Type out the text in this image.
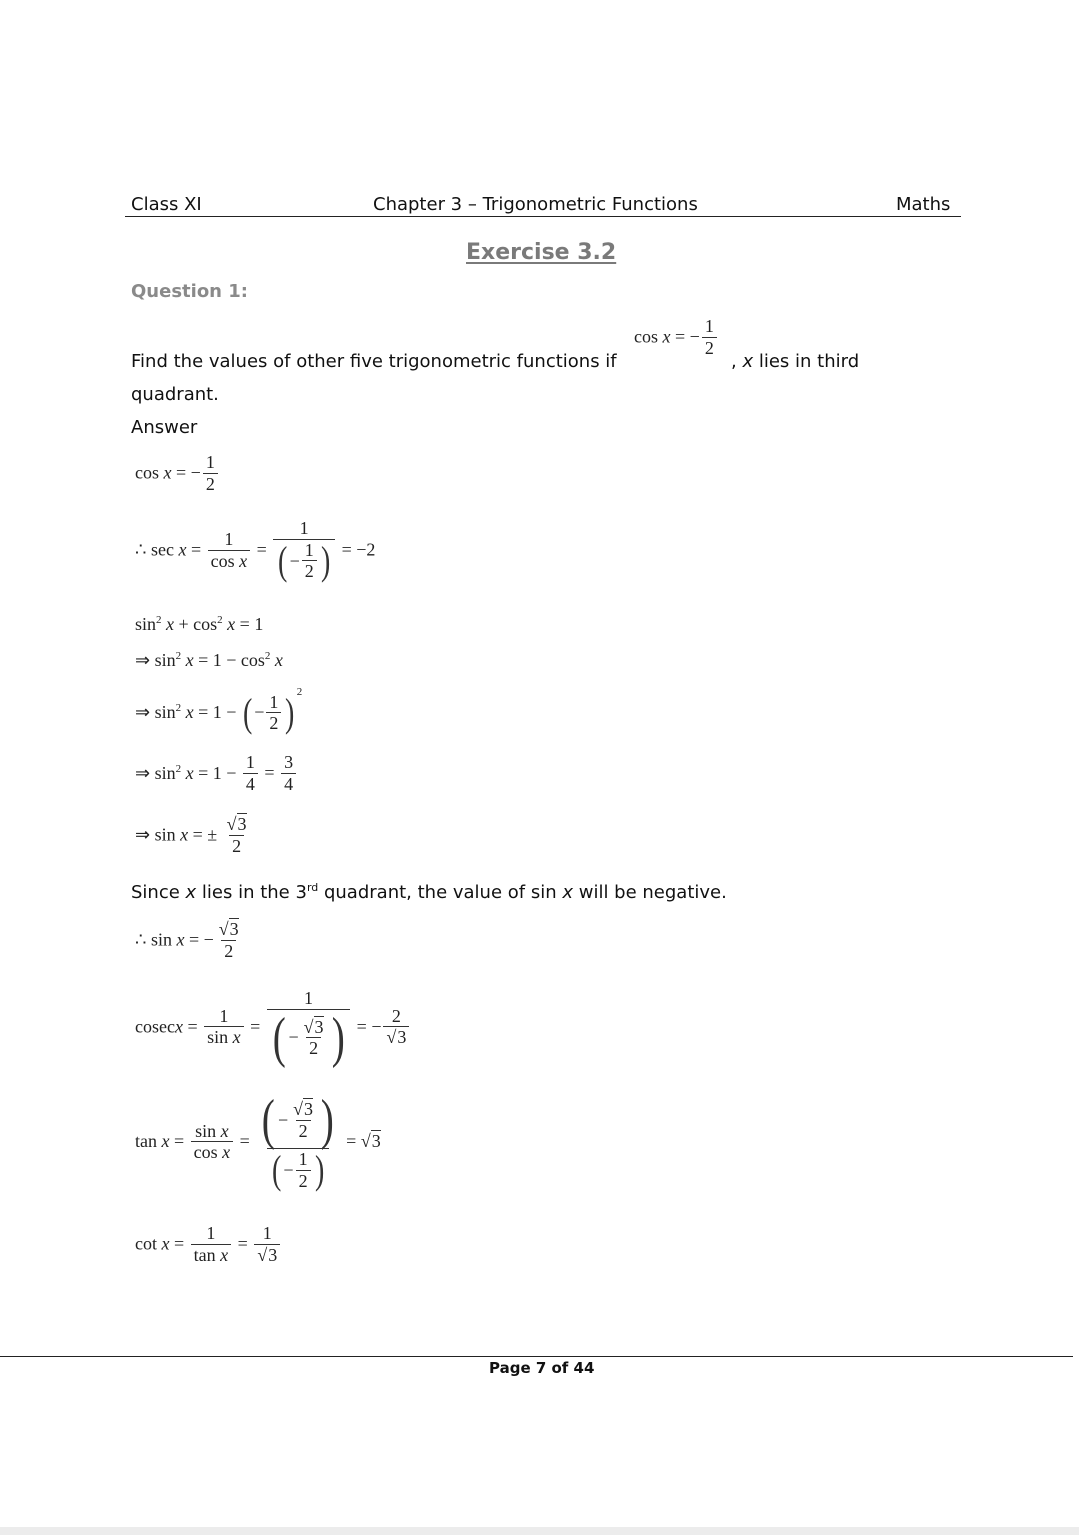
Class XI	Chapter 3 – Trigonometric Functions	Maths
Exercise 3.2
Question 1:
Find the values of other five trigonometric functions if
cos x = − $\frac{1}{2}$
, x lies in third
quadrant.
Answer
cos x = − $\frac{1}{2}$
∴ $\sec x = \frac{1}{\text{cos x}} = \frac{1}{( - \frac{1}{2} )} = -2$
$\sin^2 x + \cos^2 x = 1$
⇒ $\sin^2 x = 1 - \cos^2 x$
⇒ $\sin^2 x = 1$ − ( − $\frac{1}{2}$ ) $^2$
⇒ $\sin^2 x = 1 - \frac{1}{4} = \frac{3}{4}$
⇒ sin x = ± $\frac{√3}{2}$
Since x lies in the 3rd quadrant, the value of sin x will be negative.
∴ sin x = − $\frac{√3}{2}$
$cosecx = \frac{1}{\text{sin x}} = \frac{1}{( - \frac{√3}{2} )}$ = − $\frac{2}{√3}$
$\tan x = \frac{\text{sin x}}{\text{cos x}} = \frac{( - \frac{√3}{2} )}{( - \frac{1}{2} )} = √3$
$\cot x = \frac{1}{\text{tan x}} = \frac{1}{√3}$
Page 7 of 44
